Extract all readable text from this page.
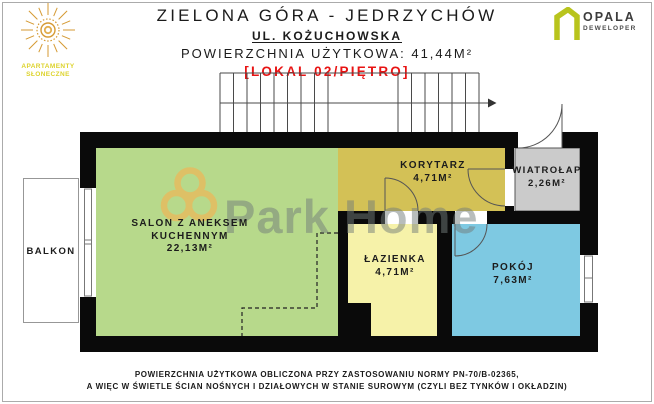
ZIELONA GÓRA - JEDRZYCHÓW
UL. KOŻUCHOWSKA
POWIERZCHNIA UŻYTKOWA: 41,44M²
[LOKAL 02/PIĘTRO]
APARTAMENTY
SŁONECZNE
OPALA
DEWELOPER
Park Home
SALON Z ANEKSEM
KUCHENNYM
22,13M²
KORYTARZ
4,71M²
WIATROŁAP
2,26M²
ŁAZIENKA
4,71M²	POKÓJ
7,63M²
BALKON
POWIERZCHNIA UŻYTKOWA OBLICZONA PRZY ZASTOSOWANIU NORMY PN-70/B-02365,
A WIĘC W ŚWIETLE ŚCIAN NOŚNYCH I DZIAŁOWYCH W STANIE SUROWYM (CZYLI BEZ TYNKÓW I OKŁADZIN)
